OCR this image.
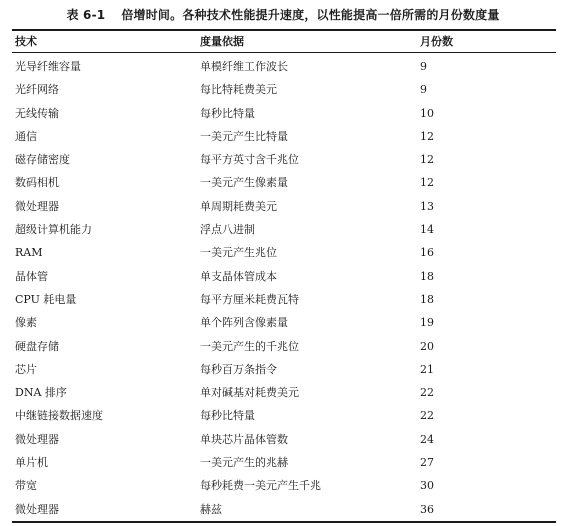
表 6-1 倍增时间。各种技术性能提升速度，以性能提高一倍所需的月份数度量
技术	度量依据	月份数
光导纤维容量	单模纤维工作波长	9
光纤网络	每比特耗费美元	9
无线传输	每秒比特量	10
通信	一美元产生比特量	12
磁存储密度	每平方英寸含千兆位	12
数码相机	一美元产生像素量	12
微处理器	单周期耗费美元	13
超级计算机能力	浮点八进制	14
RAM	一美元产生兆位	16
晶体管	单支晶体管成本	18
CPU 耗电量	每平方厘米耗费瓦特	18
像素	单个阵列含像素量	19
硬盘存储	一美元产生的千兆位	20
芯片	每秒百万条指令	21
DNA 排序	单对碱基对耗费美元	22
中继链接数据速度	每秒比特量	22
微处理器	单块芯片晶体管数	24
单片机	一美元产生的兆赫	27
带宽	每秒耗费一美元产生千兆	30
微处理器	赫兹	36
